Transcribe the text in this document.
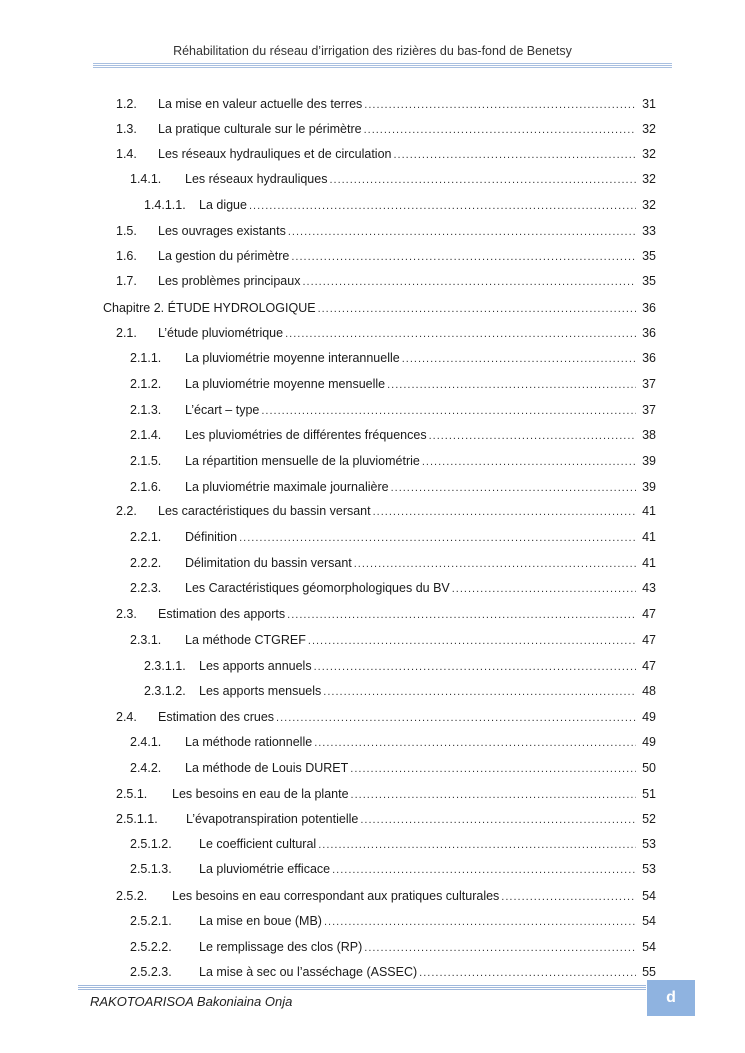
Réhabilitation du réseau d’irrigation des rizières du bas-fond de Benetsy
1.2.	La mise en valeur actuelle des terres .....	31
1.3.	La pratique culturale sur le périmètre .....	32
1.4.	Les réseaux hydrauliques et de circulation .....	32
1.4.1.	Les réseaux hydrauliques .....	32
1.4.1.1.	La digue .....	32
1.5.	Les ouvrages existants .....	33
1.6.	La gestion du périmètre .....	35
1.7.	Les problèmes principaux .....	35
Chapitre 2. ÉTUDE HYDROLOGIQUE .....	36
2.1.	L’étude pluviométrique .....	36
2.1.1.	La pluviométrie moyenne interannuelle .....	36
2.1.2.	La pluviométrie moyenne mensuelle .....	37
2.1.3.	L’écart – type .....	37
2.1.4.	Les pluviométries de différentes fréquences .....	38
2.1.5.	La répartition mensuelle de la pluviométrie .....	39
2.1.6.	La pluviométrie maximale journalière .....	39
2.2.	Les caractéristiques du bassin versant .....	41
2.2.1.	Définition .....	41
2.2.2.	Délimitation du bassin versant .....	41
2.2.3.	Les Caractéristiques géomorphologiques du BV .....	43
2.3.	Estimation des apports .....	47
2.3.1.	La méthode CTGREF .....	47
2.3.1.1.	Les apports annuels .....	47
2.3.1.2.	Les apports mensuels .....	48
2.4.	Estimation des crues .....	49
2.4.1.	La méthode rationnelle .....	49
2.4.2.	La méthode de Louis DURET .....	50
2.5.1.	Les besoins en eau de la plante .....	51
2.5.1.1.	L’évapotranspiration potentielle .....	52
2.5.1.2.	Le coefficient cultural .....	53
2.5.1.3.	La pluviométrie efficace .....	53
2.5.2.	Les besoins en eau correspondant aux pratiques culturales .....	54
2.5.2.1.	La mise en boue (MB) .....	54
2.5.2.2.	Le remplissage des clos (RP) .....	54
2.5.2.3.	La mise à sec ou l’asséchage (ASSEC) .....	55
RAKOTOARISOA Bakoniaina Onja	d
